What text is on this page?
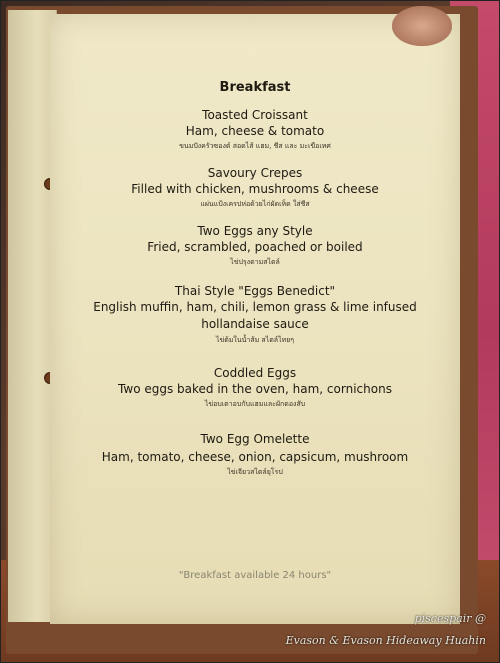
Breakfast
Toasted Croissant
Ham, cheese & tomato
ขนมปังครัวซองต์ สอดไส้ แฮม, ชีส และ มะเขือเทศ
Savoury Crepes
Filled with chicken, mushrooms & cheese
แผ่นแป้งเครปห่อด้วยไก่ผัดเห็ด ใส่ชีส
Two Eggs any Style
Fried, scrambled, poached or boiled
ไข่ปรุงตามสไตล์
Thai Style "Eggs Benedict"
English muffin, ham, chili, lemon grass & lime infused hollandaise sauce
ไข่ต้มในน้ำส้ม สไตล์ไทยๆ
Coddled Eggs
Two eggs baked in the oven, ham, cornichons
ไข่อบเตาอบกับแฮมและผักดองสับ
Two Egg Omelette
Ham, tomato, cheese, onion, capsicum, mushroom
ไข่เจียวสไตล์ยุโรป
"Breakfast available 24 hours"
piscespair @
Evason & Evason Hideaway Huahin
